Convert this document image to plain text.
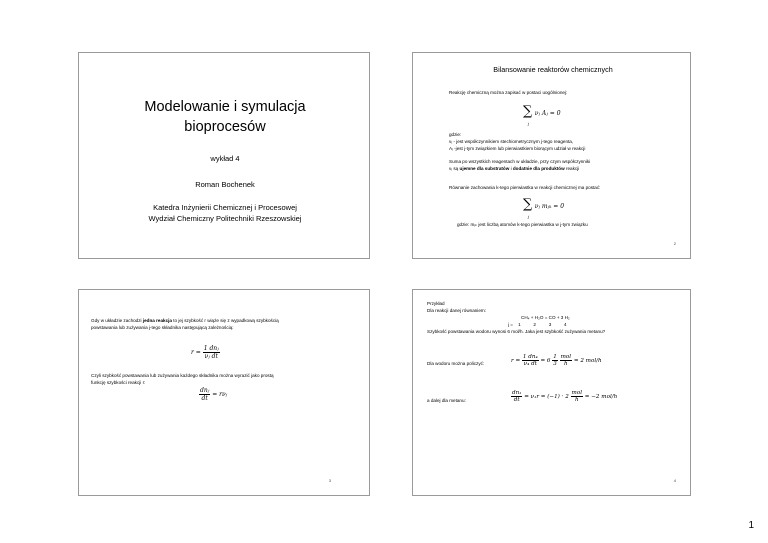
Modelowanie i symulacja
bioprocesów
wykład 4
Roman Bochenek
Katedra Inżynierii Chemicznej i Procesowej
Wydział Chemiczny Politechniki Rzeszowskiej
Bilansowanie reaktorów chemicznych
Reakcję chemiczną można zapisać w postaci uogólnionej:
∑ νⱼ Aⱼ = 0
j
gdzie:
νⱼ - jest współczynnikiem stechiometrycznym j-tego reagenta,
Aⱼ -jest j-tym związkiem lub pierwiastkiem biorącym udział w reakcji
Suma po wszystkich reagentach w układzie, przy czym współczynniki
νⱼ są ujemne dla substratów i dodatnie dla produktów reakcji
Równanie zachowania k-tego pierwiastka w reakcji chemicznej ma postać:
∑ νⱼ mⱼₖ = 0
j
gdzie: mⱼₖ jest liczbą atomów k-tego pierwiastka w j-tym związku
2
Gdy w układzie zachodzi jedna reakcja to jej szybkość r wiąże się z wypadkową szybkością
powstawania lub zużywania j-tego składnika następującą zależnością:
$r = \frac{\text{1 dnⱼ}}{\text{νⱼ dt}}$
Czyli szybkość powstawania lub zużywania każdego składnika można wyrazić jako prostą
funkcję szybkości reakcji r:
$\frac{\text{dnⱼ}}{dt}$ = rνⱼ
3
Przykład
Dla reakcji danej równaniem:
CH₄ + H₂O = CO + 3 H₂
j =    1          2          3          4
Szybkość powstawania wodoru wynosi 6 mol/h. Jaka jest szybkość zużywania metanu?
Dla wodoru można policzyć:	$r = \frac{\text{1 dn₄}}{\text{ν₄ dt}} = 6 \frac{1}{3}$
$\frac{\text{mol}}{h} = 2$ mol/h
a dalej dla metanu:	$\frac{\text{dn₁}}{dt} = \nu_1r = (-1) \cdot 2 \frac{\text{mol}}{h} = -2$ mol/h
4
1
